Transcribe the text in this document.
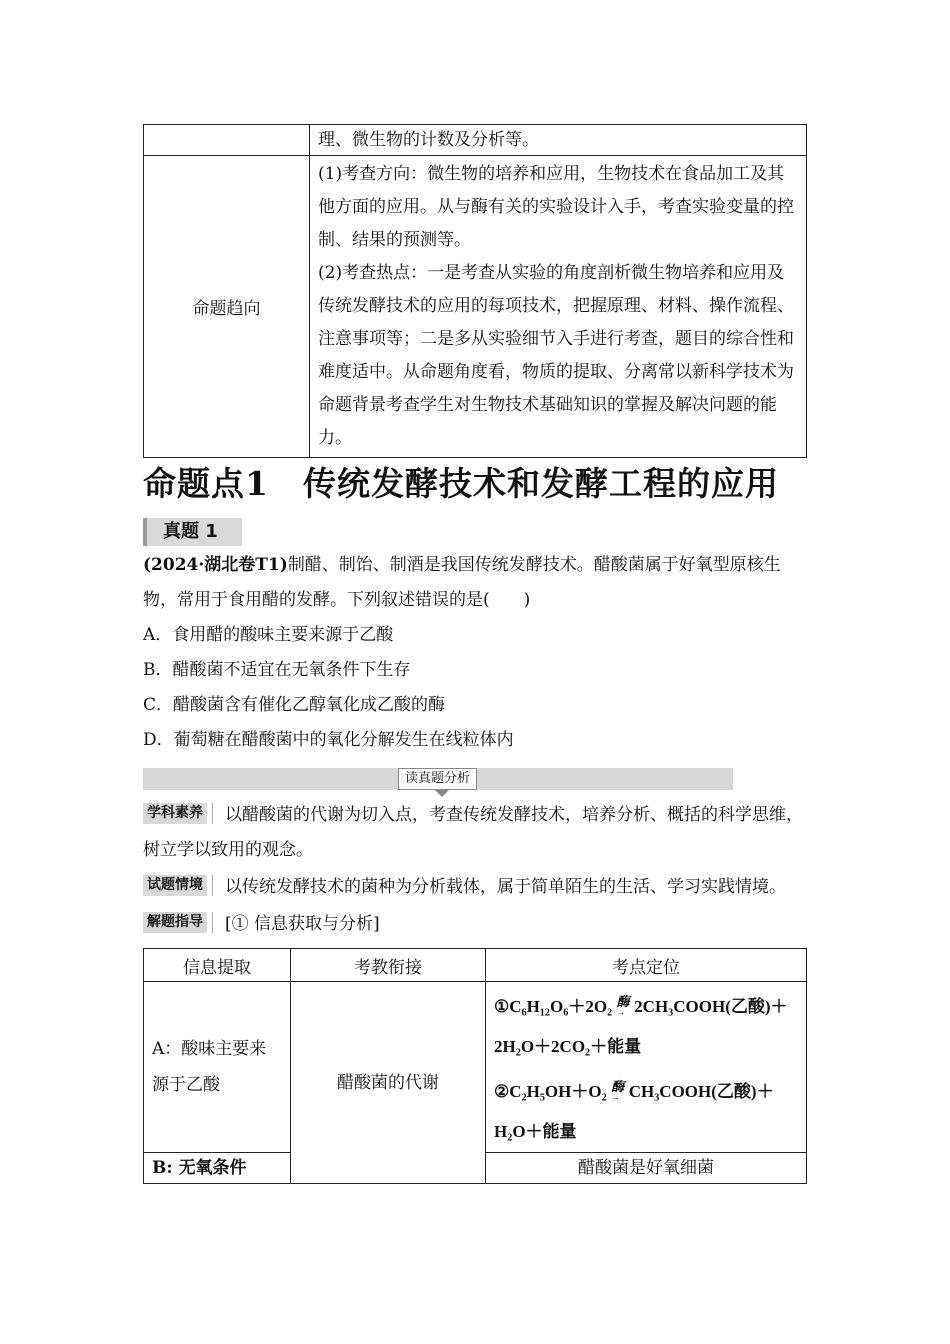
	理、微生物的计数及分析等。
命题趋向	(1)考查方向：微生物的培养和应用，生物技术在食品加工及其他方面的应用。从与酶有关的实验设计入手，考查实验变量的控制、结果的预测等。
(2)考查热点：一是考查从实验的角度剖析微生物培养和应用及传统发酵技术的应用的每项技术，把握原理、材料、操作流程、注意事项等；二是多从实验细节入手进行考查，题目的综合性和难度适中。从命题角度看，物质的提取、分离常以新科学技术为命题背景考查学生对生物技术基础知识的掌握及解决问题的能力。
命题点1 传统发酵技术和发酵工程的应用
真题 1
(2024·湖北卷T1)制醋、制饴、制酒是我国传统发酵技术。醋酸菌属于好氧型原核生物，常用于食用醋的发酵。下列叙述错误的是(　　)
A．食用醋的酸味主要来源于乙酸
B．醋酸菌不适宜在无氧条件下生存
C．醋酸菌含有催化乙醇氧化成乙酸的酶
D．葡萄糖在醋酸菌中的氧化分解发生在线粒体内
读真题分析
学科素养 以醋酸菌的代谢为切入点，考查传统发酵技术，培养分析、概括的科学思维，树立学以致用的观念。
试题情境 以传统发酵技术的菌种为分析载体，属于简单陌生的生活、学习实践情境。
解题指导 [① 信息获取与分析]
信息提取	考教衔接	考点定位
A：酸味主要来源于乙酸	醋酸菌的代谢	①C₆H₁₂O₆＋2O₂ 酶 → 2CH₃COOH(乙酸)＋2H₂O＋2CO₂＋能量
②C₂H₅OH＋O₂ 酶 → CH₃COOH(乙酸)＋H₂O＋能量

B: 无氧条件		醋酸菌是好氧细菌
